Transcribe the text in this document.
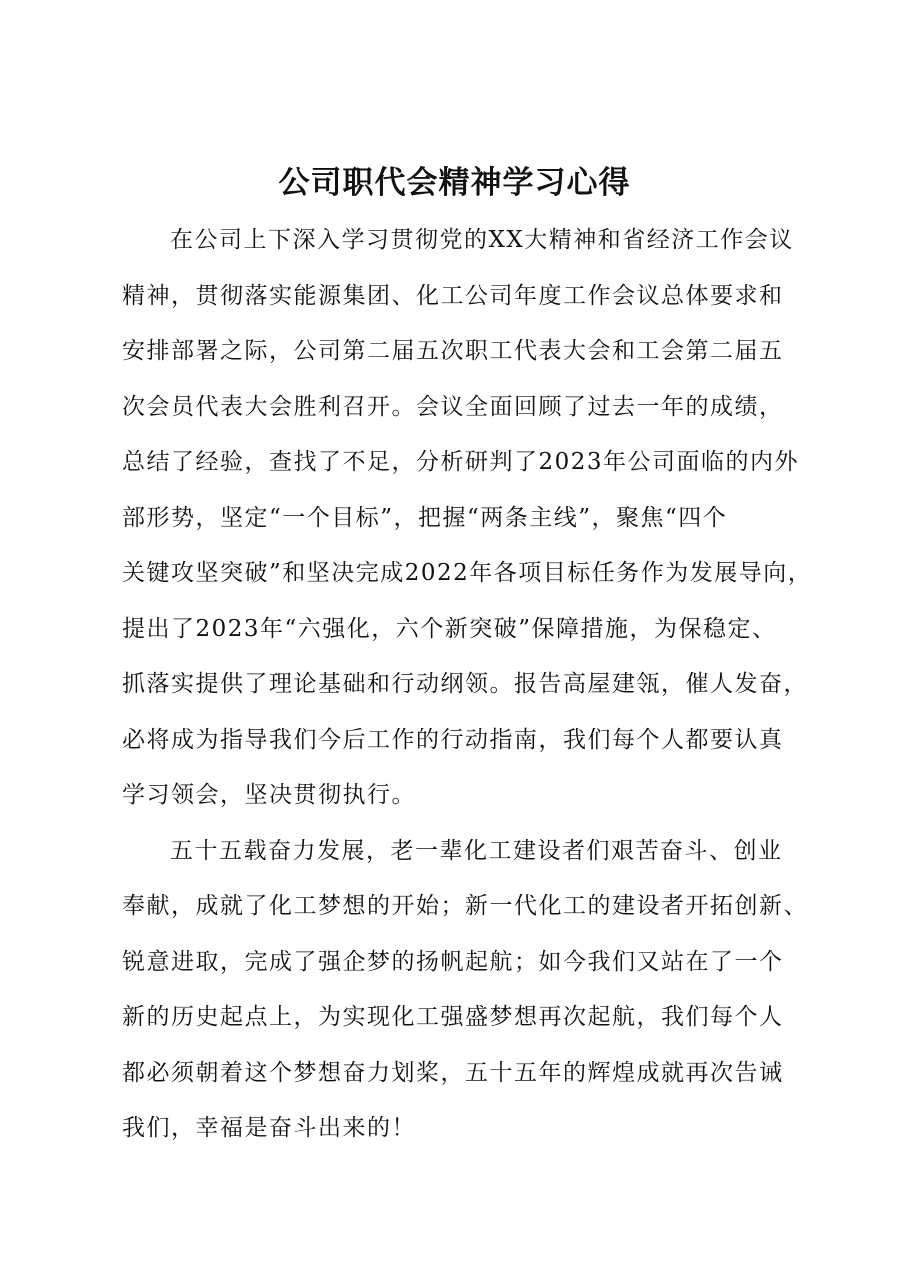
公司职代会精神学习心得
在公司上下深入学习贯彻党的XX大精神和省经济工作会议
精神，贯彻落实能源集团、化工公司年度工作会议总体要求和
安排部署之际，公司第二届五次职工代表大会和工会第二届五
次会员代表大会胜利召开。会议全面回顾了过去一年的成绩，
总结了经验，查找了不足，分析研判了2023年公司面临的内外
部形势，坚定“一个目标”，把握“两条主线”，聚焦“四个
关键攻坚突破”和坚决完成2022年各项目标任务作为发展导向，
提出了2023年“六强化，六个新突破”保障措施，为保稳定、
抓落实提供了理论基础和行动纲领。报告高屋建瓴，催人发奋，
必将成为指导我们今后工作的行动指南，我们每个人都要认真
学习领会，坚决贯彻执行。
五十五载奋力发展，老一辈化工建设者们艰苦奋斗、创业
奉献，成就了化工梦想的开始；新一代化工的建设者开拓创新、
锐意进取，完成了强企梦的扬帆起航；如今我们又站在了一个
新的历史起点上，为实现化工强盛梦想再次起航，我们每个人
都必须朝着这个梦想奋力划桨，五十五年的辉煌成就再次告诫
我们，幸福是奋斗出来的！
